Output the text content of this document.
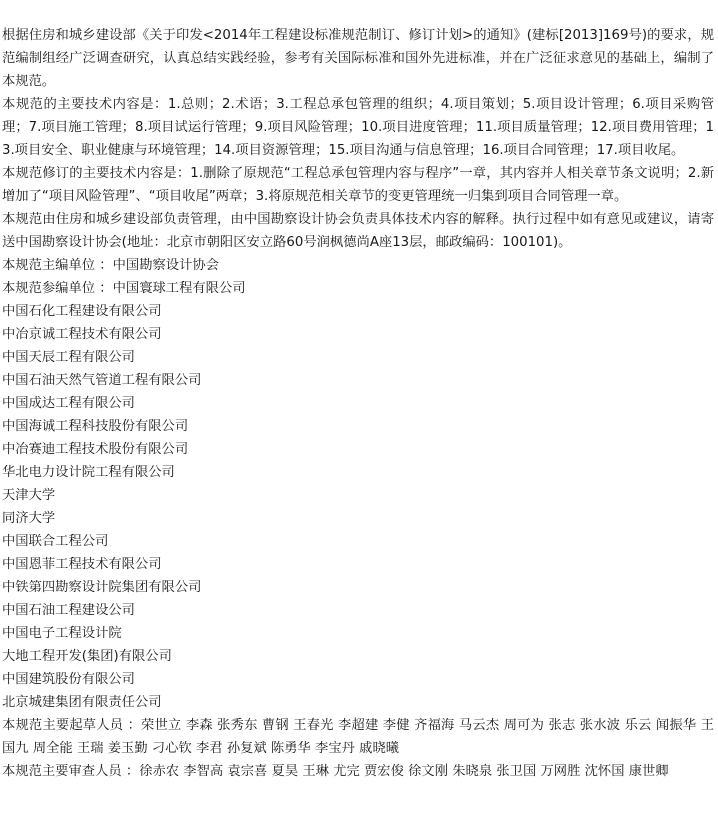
根据住房和城乡建设部《关于印发<2014年工程建设标准规范制订、修订计划>的通知》(建标[2013]169号)的要求，规范编制组经广泛调查研究，认真总结实践经验，参考有关国际标准和国外先进标准，并在广泛征求意见的基础上，编制了本规范。

本规范的主要技术内容是：1.总则；2.术语；3.工程总承包管理的组织；4.项目策划；5.项目设计管理；6.项目采购管理；7.项目施工管理；8.项目试运行管理；9.项目风险管理；10.项目进度管理；11.项目质量管理；12.项目费用管理；13.项目安全、职业健康与环境管理；14.项目资源管理；15.项目沟通与信息管理；16.项目合同管理；17.项目收尾。

本规范修订的主要技术内容是：1.删除了原规范“工程总承包管理内容与程序”一章，其内容并人相关章节条文说明；2.新增加了“项目风险管理”、“项目收尾”两章；3.将原规范相关章节的变更管理统一归集到项目合同管理一章。

本规范由住房和城乡建设部负责管理，由中国勘察设计协会负责具体技术内容的解释。执行过程中如有意见或建议，请寄送中国勘察设计协会(地址：北京市朝阳区安立路60号润枫德尚A座13层，邮政编码：100101)。

本规范主编单位 ：中国勘察设计协会

本规范参编单位 ：中国寰球工程有限公司

中国石化工程建设有限公司

中冶京诚工程技术有限公司

中国天辰工程有限公司

中国石油天然气管道工程有限公司

中国成达工程有限公司

中国海诚工程科技股份有限公司

中冶赛迪工程技术股份有限公司

华北电力设计院工程有限公司

天津大学

同济大学

中国联合工程公司

中国恩菲工程技术有限公司

中铁第四勘察设计院集团有限公司

中国石油工程建设公司

中国电子工程设计院

大地工程开发(集团)有限公司

中国建筑股份有限公司

北京城建集团有限责任公司

本规范主要起草人员 ：荣世立 李森 张秀东 曹钢 王春光 李超建 李健 齐福海 马云杰 周可为 张志 张水波 乐云 闻振华 王国九 周全能 王瑞 姜玉勤 刁心钦 李君 孙复斌 陈勇华 李宝丹 戚晓曦

本规范主要审查人员 ：徐赤农 李智高 袁宗喜 夏昊 王琳 尤完 贾宏俊 徐文刚 朱晓泉 张卫国 万网胜 沈怀国 康世卿
